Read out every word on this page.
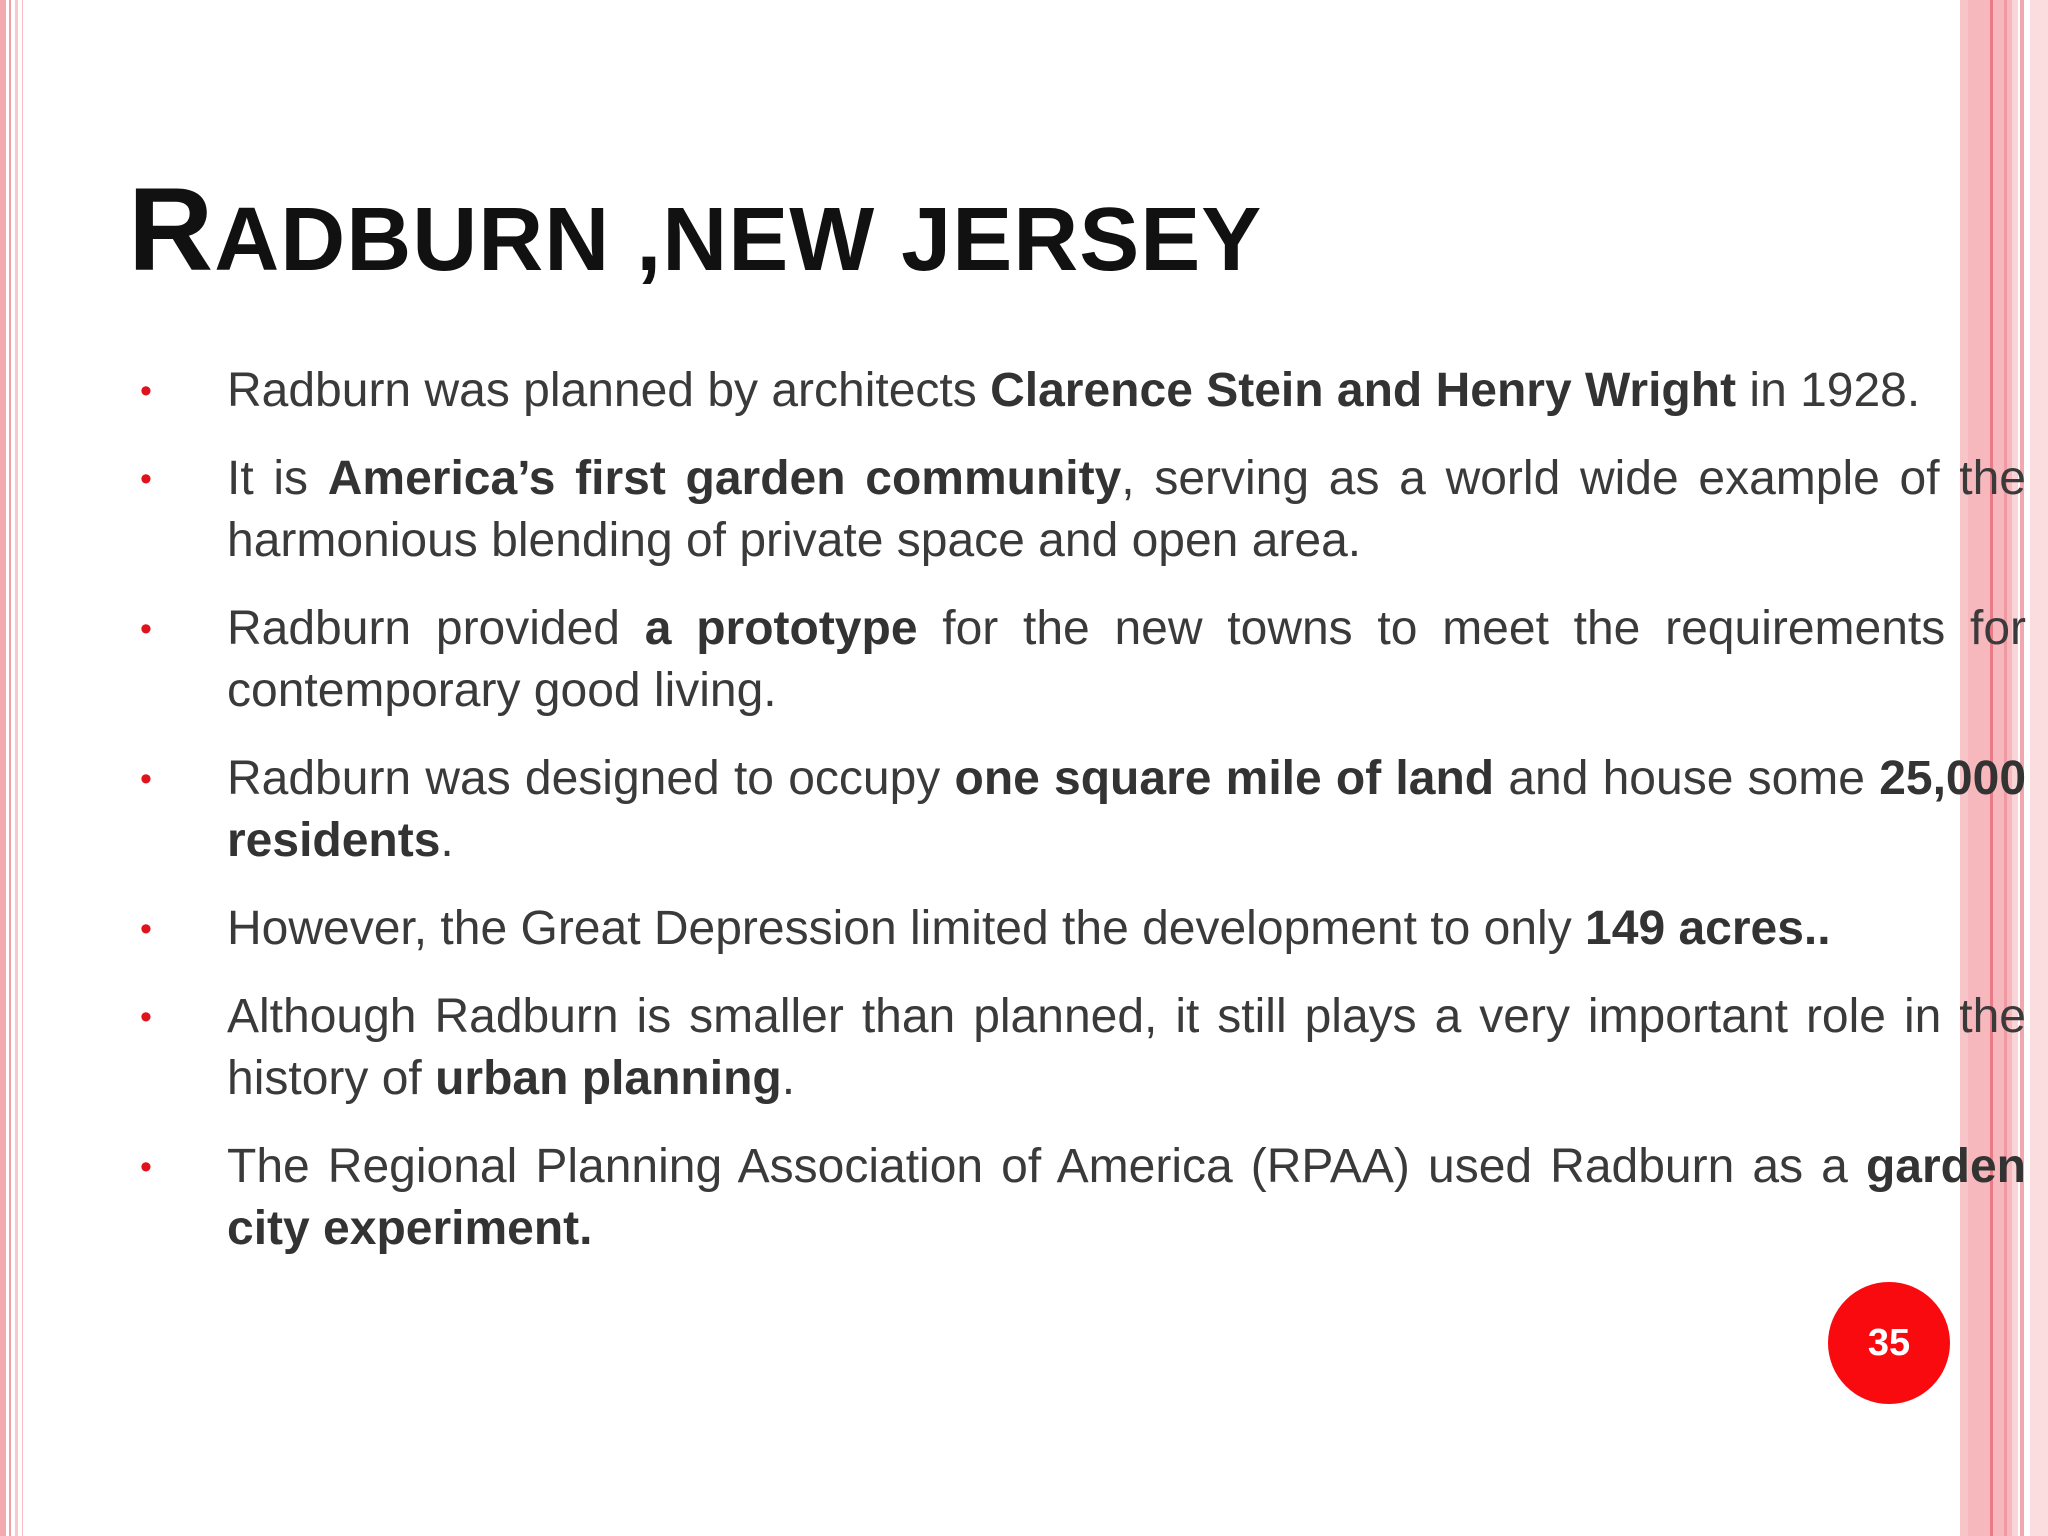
RADBURN ,NEW JERSEY
• Radburn was planned by architects Clarence Stein and Henry Wright in 1928.
• It is America’s first garden community, serving as a world wide example of the harmonious blending of private space and open area.
• Radburn provided a prototype for the new towns to meet the requirements for contemporary good living.
• Radburn was designed to occupy one square mile of land and house some 25,000 residents.
• However, the Great Depression limited the development to only 149 acres..
• Although Radburn is smaller than planned, it still plays a very important role in the history of urban planning.
• The Regional Planning Association of America (RPAA) used Radburn as a garden city experiment.
35
